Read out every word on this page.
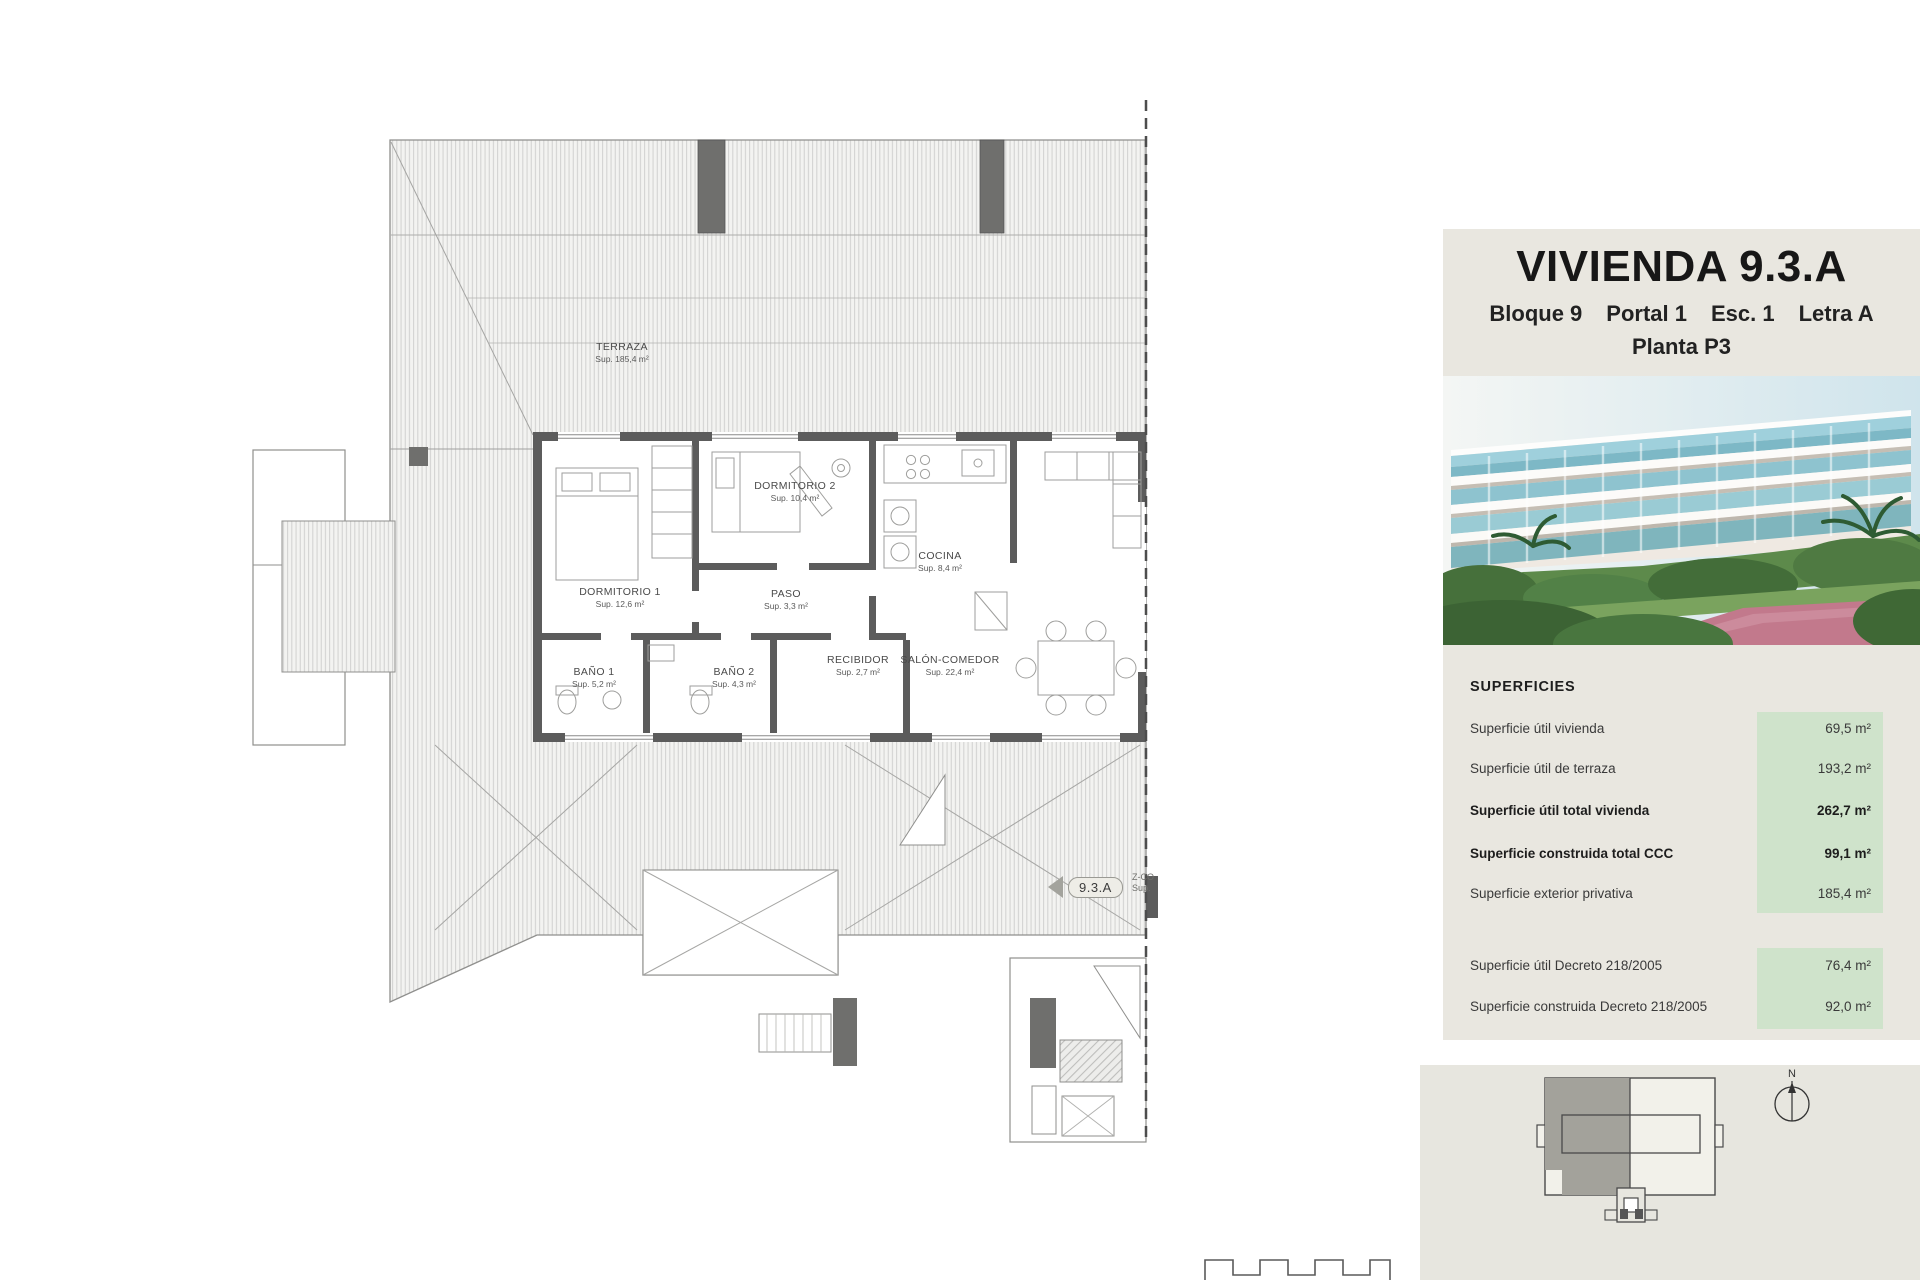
TERRAZA
Sup. 185,4 m²
DORMITORIO 2
Sup. 10,4 m²
DORMITORIO 1
Sup. 12,6 m²
PASO
Sup. 3,3 m²
COCINA
Sup. 8,4 m²
BAÑO 1
Sup. 5,2 m²
BAÑO 2
Sup. 4,3 m²
RECIBIDOR
Sup. 2,7 m²
SALÓN-COMEDOR
Sup. 22,4 m²
9.3.A
Z-CO
Sup.
VIVIENDA 9.3.A
Bloque 9 Portal 1 Esc. 1 Letra A
Planta P3
SUPERFICIES
Superficie útil vivienda	69,5 m²
Superficie útil de terraza	193,2 m²
Superficie útil total vivienda	262,7 m²
Superficie construida total CCC	99,1 m²
Superficie exterior privativa	185,4 m²
Superficie útil Decreto 218/2005	76,4 m²
Superficie construida Decreto 218/2005	92,0 m²
N
